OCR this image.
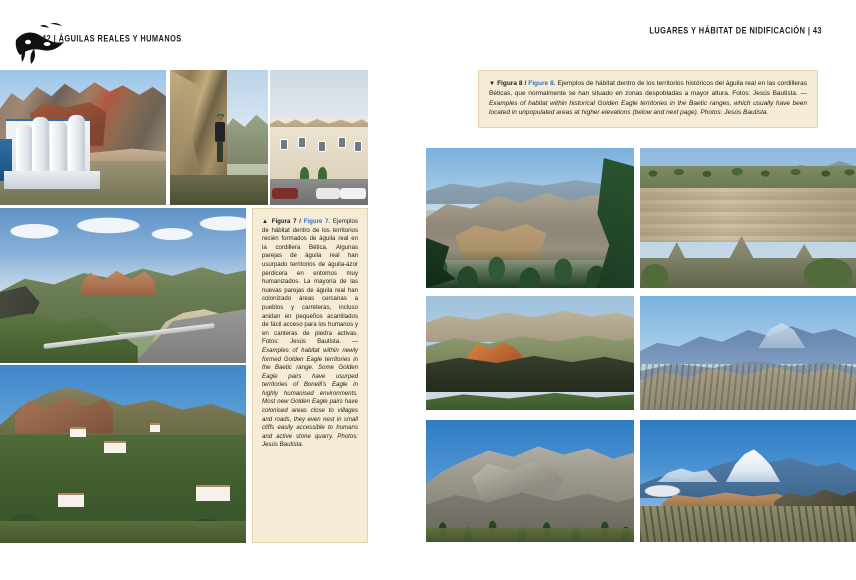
42 | ÁGUILAS REALES Y HUMANOS
LUGARES Y HÁBITAT DE NIDIFICACIÓN | 43
▲ Figura 7 / Figure 7. Ejemplos de hábitat dentro de los territorios recién formados de águila real en la cordillera Bética. Algunas parejas de águila real han usurpado territorios de águila-azor perdicera en entornos muy humanizados. La mayoría de las nuevas parejas de águila real han colonizado áreas cercanas a pueblos y carreteras, incluso anidan en pequeños acantilados de fácil acceso para los humanos y en canteras de piedra activas. Fotos: Jesús Bautista. — Examples of habitat within newly formed Golden Eagle territories in the Baetic range. Some Golden Eagle pairs have usurped territories of Bonelli's Eagle in highly humanised environments. Most new Golden Eagle pairs have colonised areas close to villages and roads, they even nest in small cliffs easily accessible to humans and active stone quarry. Photos: Jesús Bautista.
▼ Figura 8 / Figure 8. Ejemplos de hábitat dentro de los territorios históricos del águila real en las cordilleras Béticas, que normalmente se han situado en zonas despobladas a mayor altura. Fotos: Jesús Bautista. — Examples of habitat within historical Golden Eagle territories in the Baetic ranges, which usually have been located in unpopulated areas at higher elevations (below and next page). Photos: Jesús Bautista.
